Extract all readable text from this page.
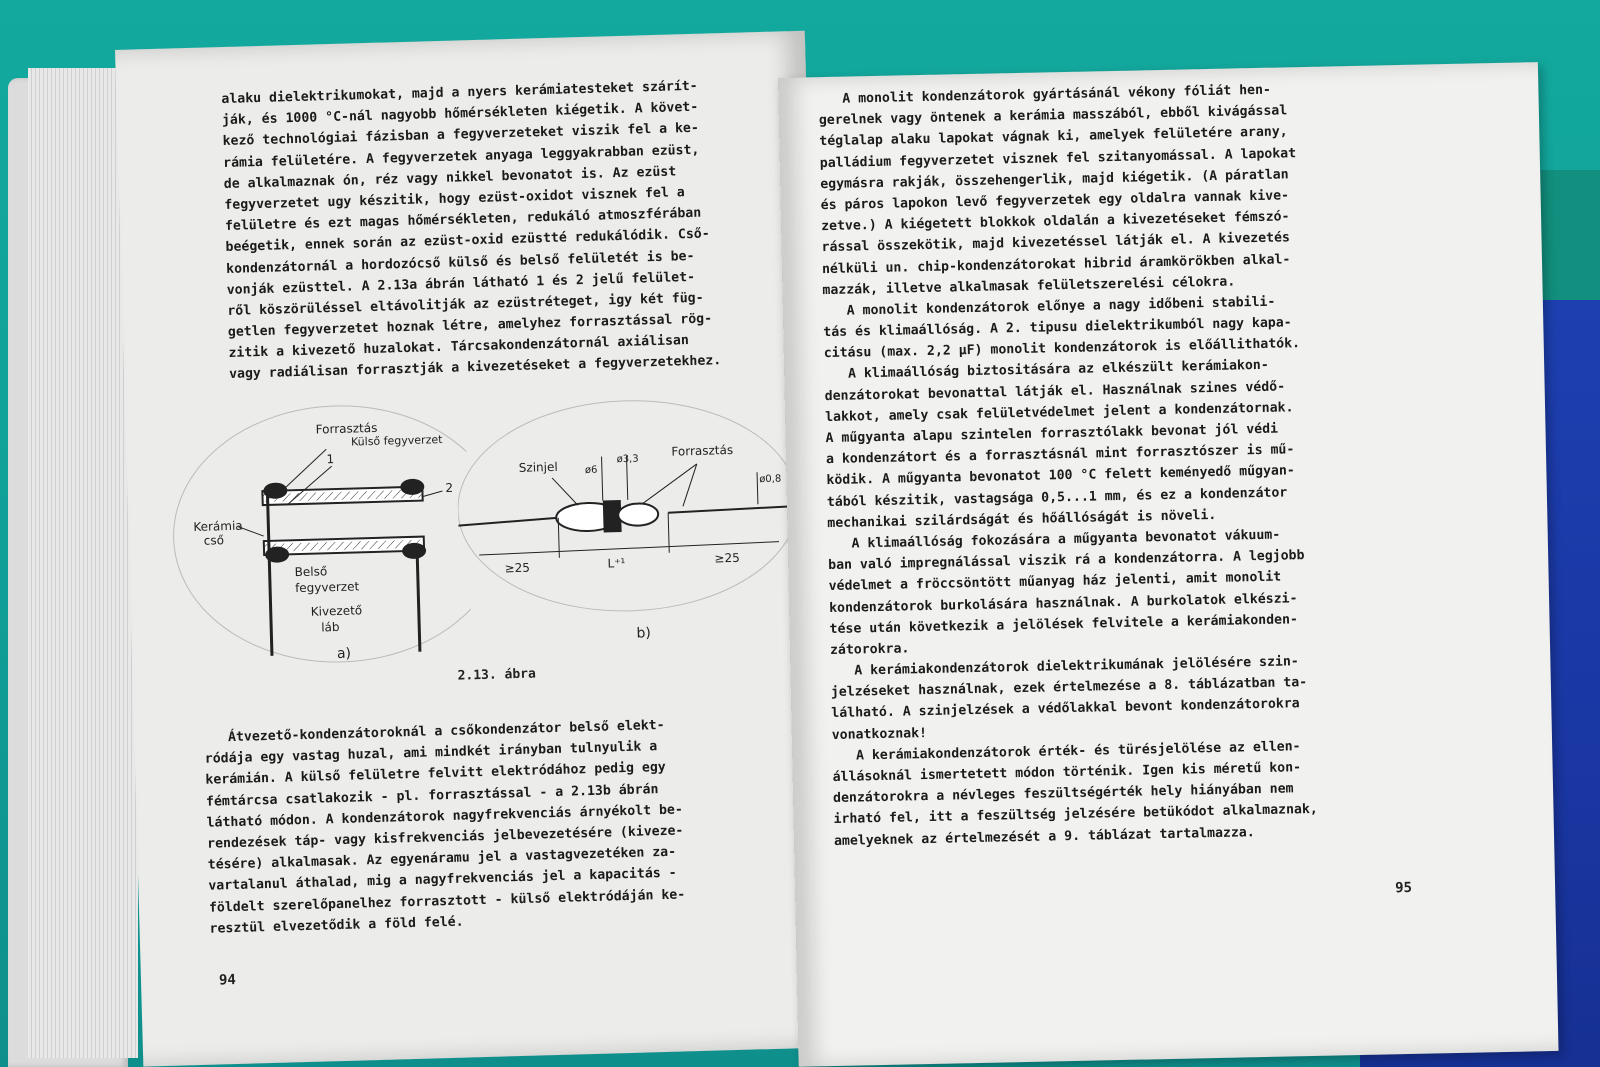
alaku dielektrikumokat, majd a nyers kerámiatesteket szárít-
ják, és 1000 °C-nál nagyobb hőmérsékleten kiégetik. A követ-
kező technológiai fázisban a fegyverzeteket viszik fel a ke-
rámia felületére. A fegyverzetek anyaga leggyakrabban ezüst,
de alkalmaznak ón, réz vagy nikkel bevonatot is. Az ezüst
fegyverzetet ugy készitik, hogy ezüst-oxidot visznek fel a
felületre és ezt magas hőmérsékleten, redukáló atmoszférában
beégetik, ennek során az ezüst-oxid ezüstté redukálódik. Cső-
kondenzátornál a hordozócső külső és belső felületét is be-
vonják ezüsttel. A 2.13a ábrán látható 1 és 2 jelű felület-
ről köszörüléssel eltávolitják az ezüstréteget, igy két füg-
getlen fegyverzetet hoznak létre, amelyhez forrasztással rög-
zitik a kivezető huzalokat. Tárcsakondenzátornál axiálisan
vagy radiálisan forrasztják a kivezetéseket a fegyverzetekhez.
Forrasztás
Külső fegyverzet
1
2
Kerámia
cső
Belső
fegyverzet
Kivezető
láb
a)
Szinjel	ø6
ø3,3
Forrasztás
ø0,8
≥25	L⁺¹	≥25
b)
2.13. ábra
Átvezető-kondenzátoroknál a csőkondenzátor belső elekt-
ródája egy vastag huzal, ami mindkét irányban tulnyulik a
kerámián. A külső felületre felvitt elektródához pedig egy
fémtárcsa csatlakozik - pl. forrasztással - a 2.13b ábrán
látható módon. A kondenzátorok nagyfrekvenciás árnyékolt be-
rendezések táp- vagy kisfrekvenciás jelbevezetésére (kiveze-
tésére) alkalmasak. Az egyenáramu jel a vastagvezetéken za-
vartalanul áthalad, mig a nagyfrekvenciás jel a kapacitás -
földelt szerelőpanelhez forrasztott - külső elektródáján ke-
resztül elvezetődik a föld felé.
94
A monolit kondenzátorok gyártásánál vékony fóliát hen-
gerelnek vagy öntenek a kerámia masszából, ebből kivágással
téglalap alaku lapokat vágnak ki, amelyek felületére arany,
palládium fegyverzetet visznek fel szitanyomással. A lapokat
egymásra rakják, összehengerlik, majd kiégetik. (A páratlan
és páros lapokon levő fegyverzetek egy oldalra vannak kive-
zetve.) A kiégetett blokkok oldalán a kivezetéseket fémszó-
rással összekötik, majd kivezetéssel látják el. A kivezetés
nélküli un. chip-kondenzátorokat hibrid áramkörökben alkal-
mazzák, illetve alkalmasak felületszerelési célokra.
A monolit kondenzátorok előnye a nagy időbeni stabili-
tás és klimaállóság. A 2. tipusu dielektrikumból nagy kapa-
citásu (max. 2,2 µF) monolit kondenzátorok is előállithatók.
A klimaállóság biztositására az elkészült kerámiakon-
denzátorokat bevonattal látják el. Használnak szines védő-
lakkot, amely csak felületvédelmet jelent a kondenzátornak.
A műgyanta alapu szintelen forrasztólakk bevonat jól védi
a kondenzátort és a forrasztásnál mint forrasztószer is mű-
ködik. A műgyanta bevonatot 100 °C felett keményedő műgyan-
tából készitik, vastagsága 0,5...1 mm, és ez a kondenzátor
mechanikai szilárdságát és hőállóságát is növeli.
A klimaállóság fokozására a műgyanta bevonatot vákuum-
ban való impregnálással viszik rá a kondenzátorra. A legjobb
védelmet a fröccsöntött műanyag ház jelenti, amit monolit
kondenzátorok burkolására használnak. A burkolatok elkészi-
tése után következik a jelölések felvitele a kerámiakonden-
zátorokra.
A kerámiakondenzátorok dielektrikumának jelölésére szin-
jelzéseket használnak, ezek értelmezése a 8. táblázatban ta-
lálható. A szinjelzések a védőlakkal bevont kondenzátorokra
vonatkoznak!
A kerámiakondenzátorok érték- és türésjelölése az ellen-
állásoknál ismertetett módon történik. Igen kis méretű kon-
denzátorokra a névleges feszültségérték hely hiányában nem
irható fel, itt a feszültség jelzésére betükódot alkalmaznak,
amelyeknek az értelmezését a 9. táblázat tartalmazza.
95
